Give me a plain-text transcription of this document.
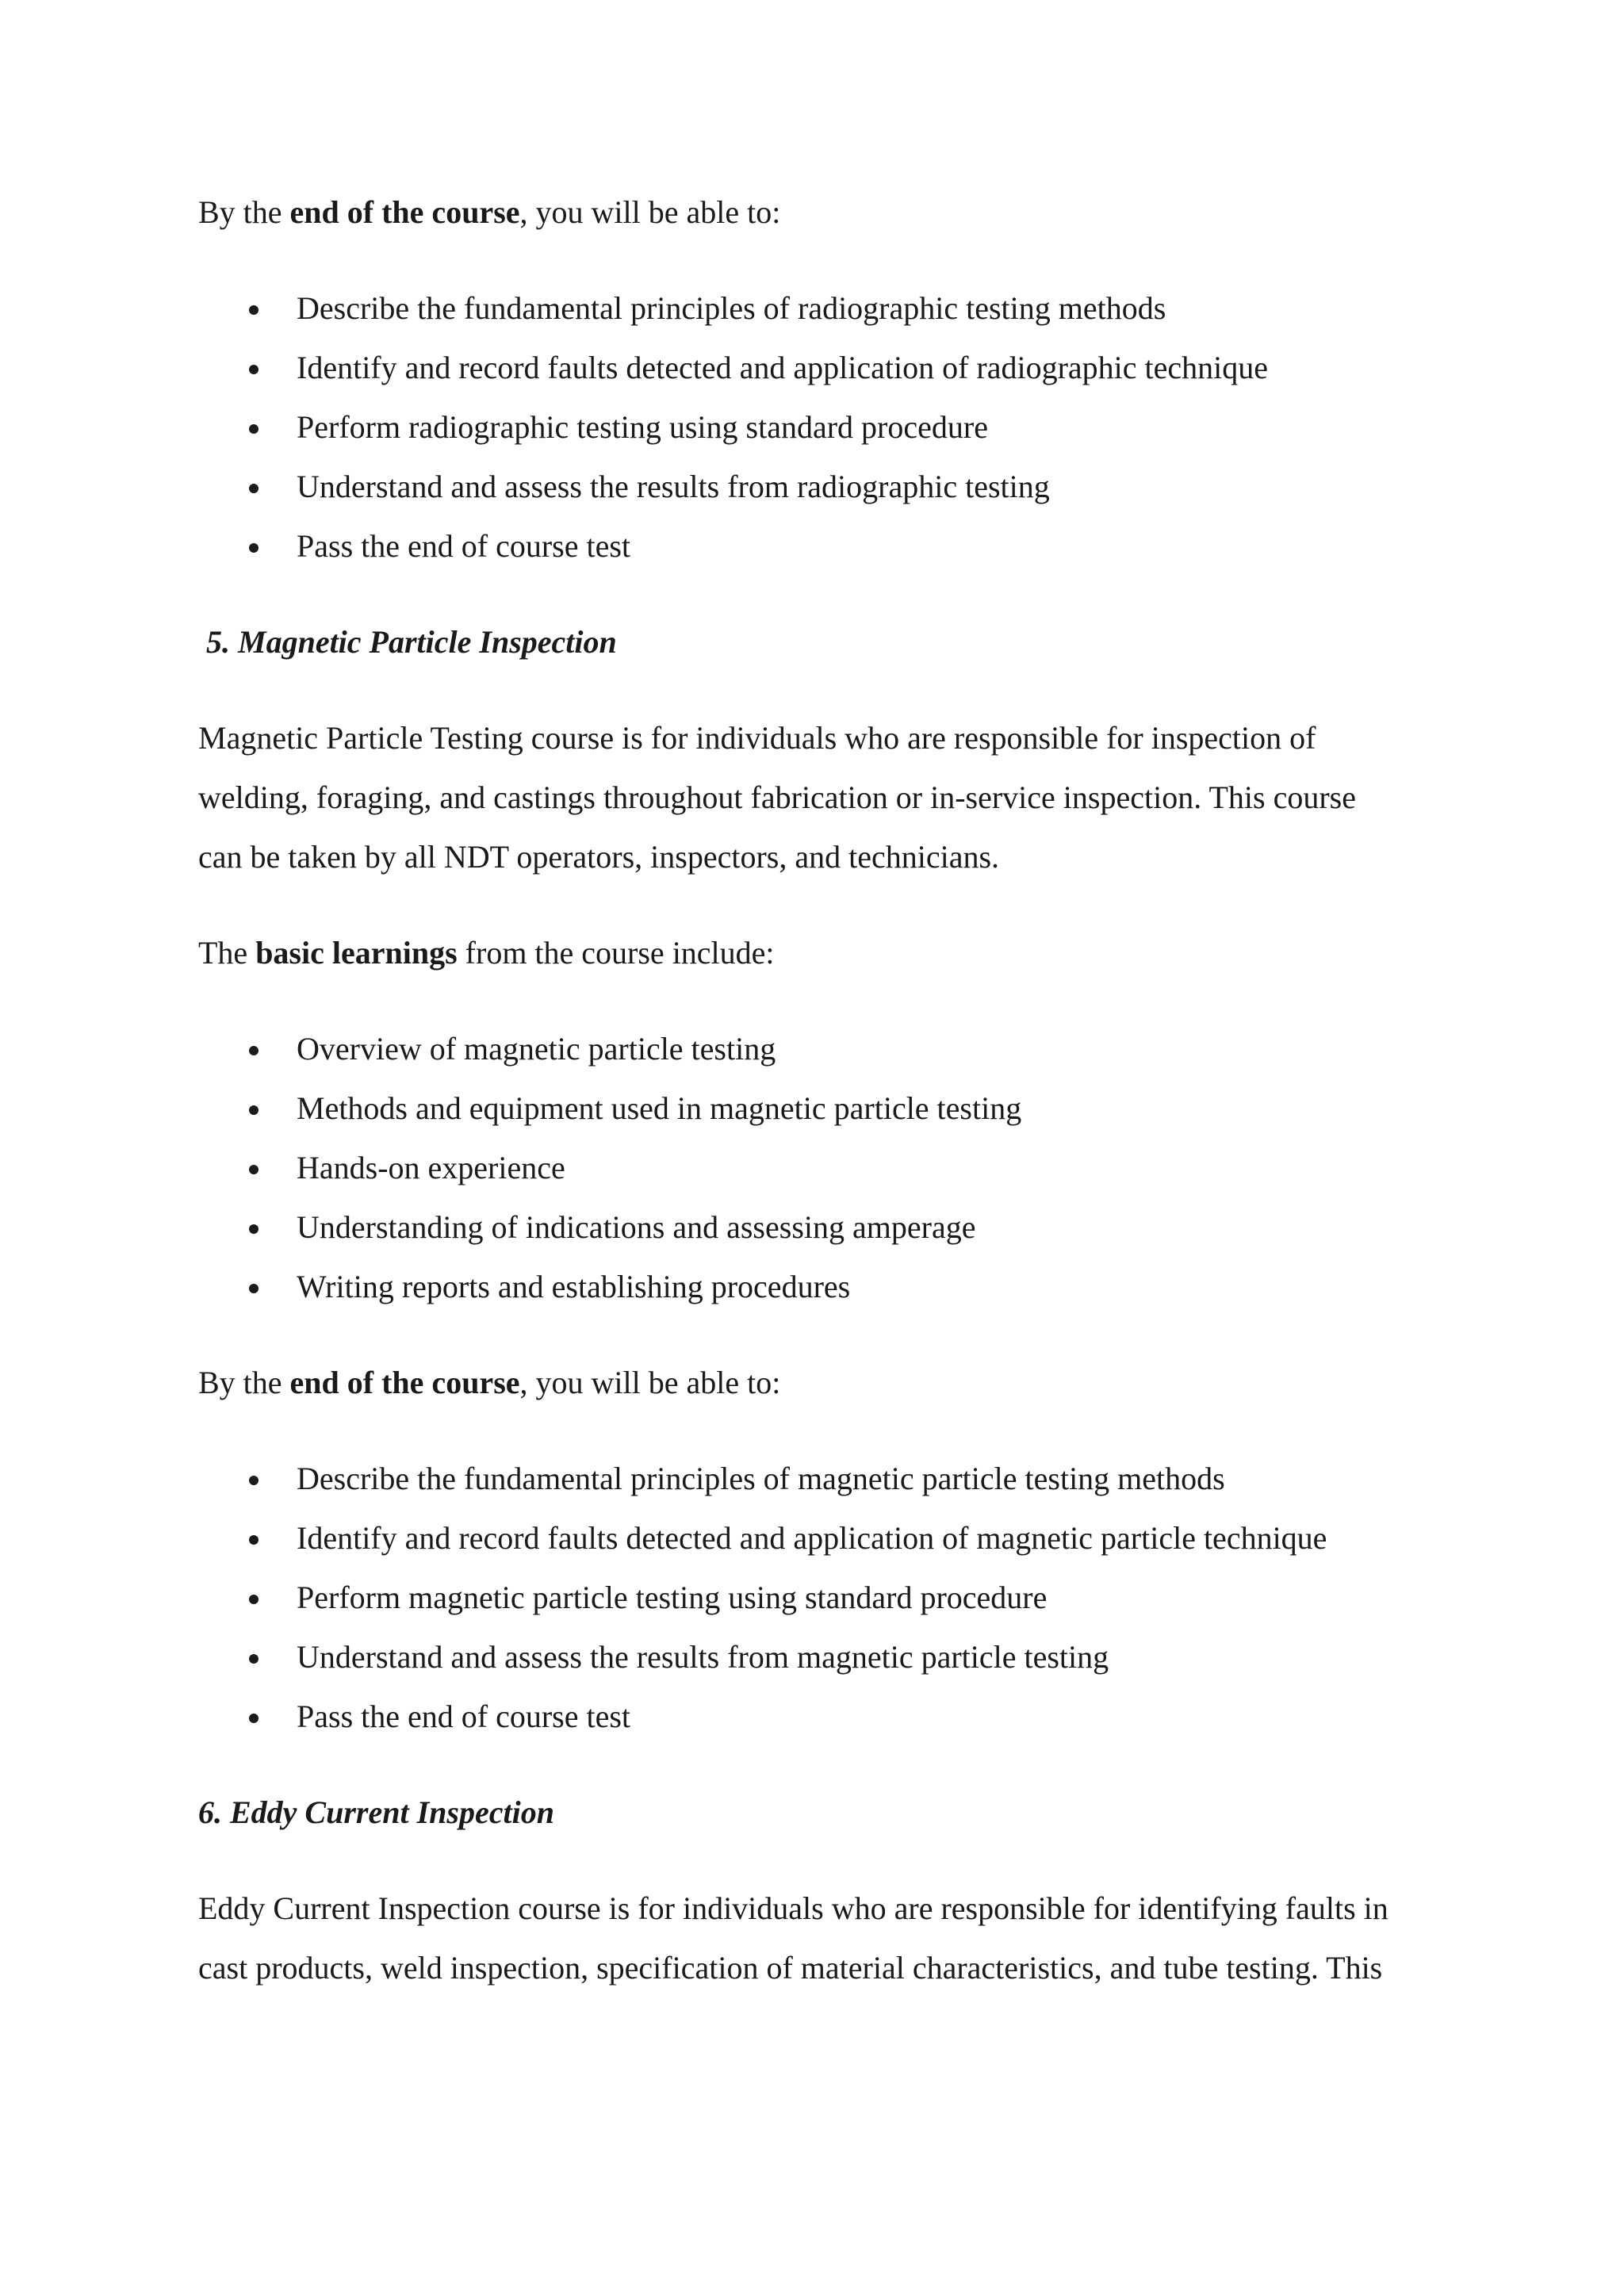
By the end of the course, you will be able to:

Describe the fundamental principles of radiographic testing methods
Identify and record faults detected and application of radiographic technique
Perform radiographic testing using standard procedure
Understand and assess the results from radiographic testing
Pass the end of course test

5. Magnetic Particle Inspection

Magnetic Particle Testing course is for individuals who are responsible for inspection of
welding, foraging, and castings throughout fabrication or in-service inspection. This course
can be taken by all NDT operators, inspectors, and technicians.

The basic learnings from the course include:

Overview of magnetic particle testing
Methods and equipment used in magnetic particle testing
Hands-on experience
Understanding of indications and assessing amperage
Writing reports and establishing procedures

By the end of the course, you will be able to:

Describe the fundamental principles of magnetic particle testing methods
Identify and record faults detected and application of magnetic particle technique
Perform magnetic particle testing using standard procedure
Understand and assess the results from magnetic particle testing
Pass the end of course test

6. Eddy Current Inspection

Eddy Current Inspection course is for individuals who are responsible for identifying faults in
cast products, weld inspection, specification of material characteristics, and tube testing. This
